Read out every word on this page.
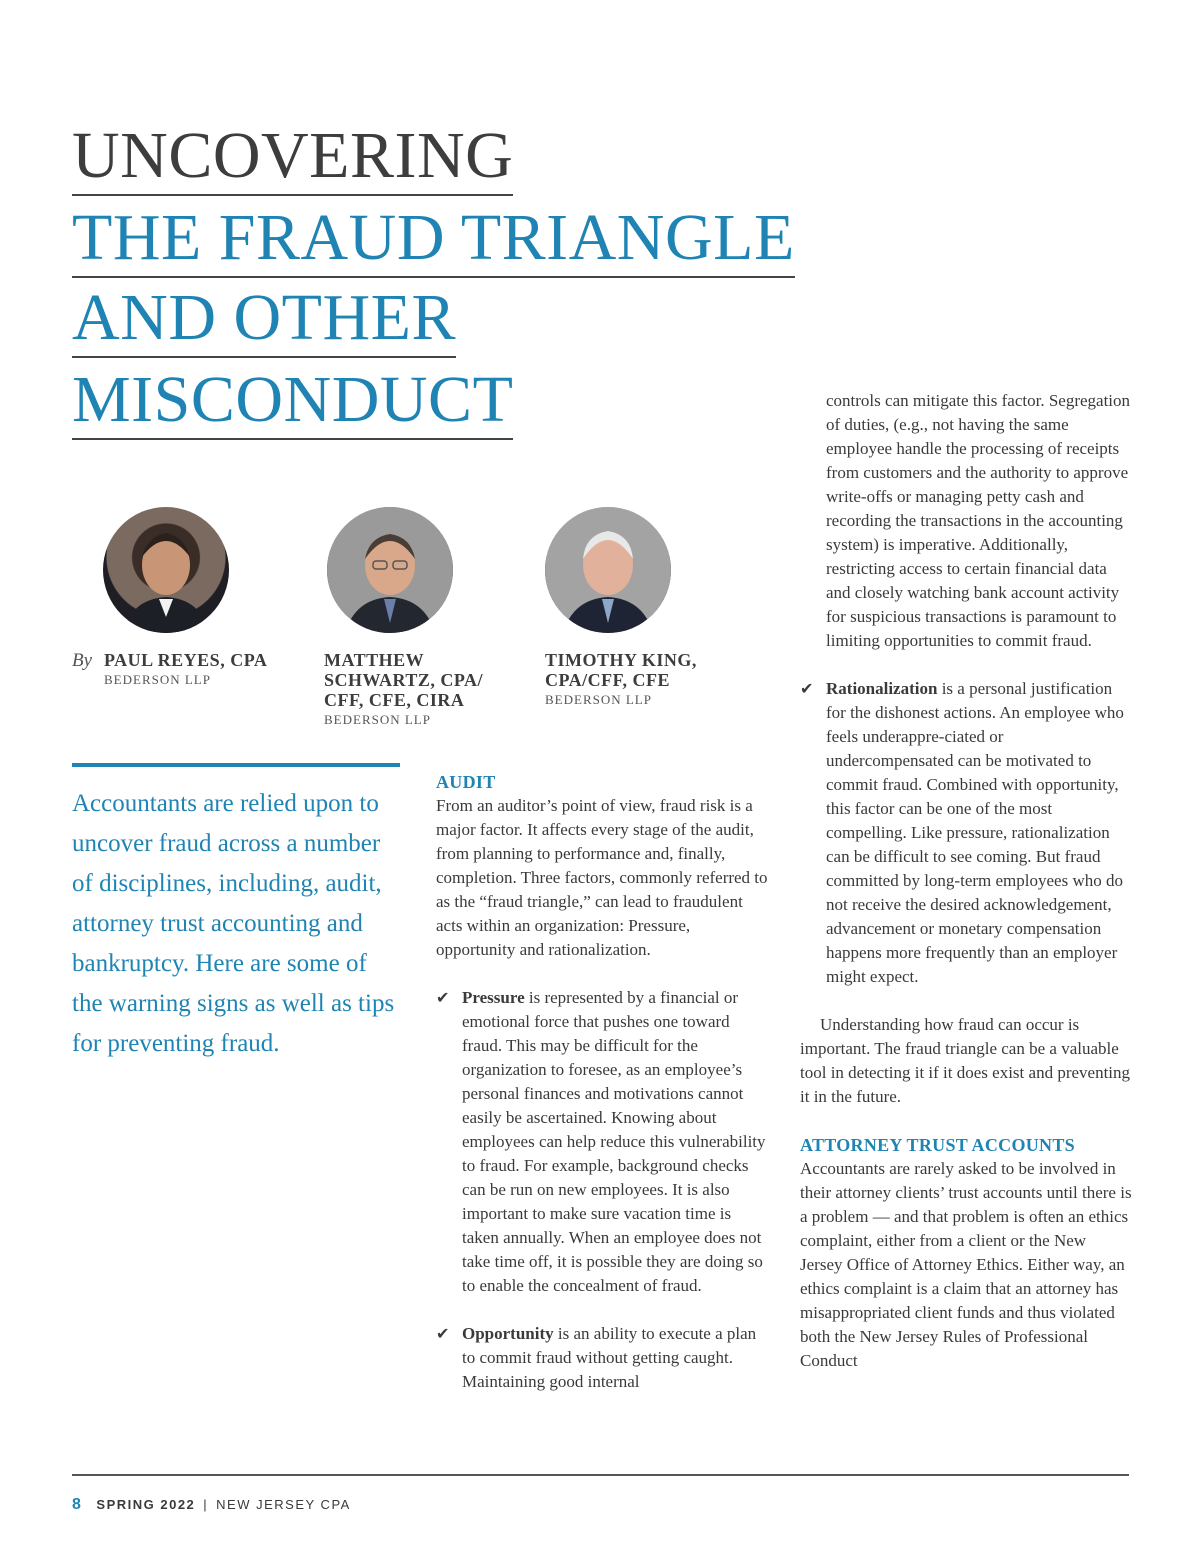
UNCOVERING
THE FRAUD TRIANGLE
AND OTHER
MISCONDUCT
By PAUL REYES, CPA
BEDERSON LLP
MATTHEW SCHWARTZ, CPA/ CFF, CFE, CIRA
BEDERSON LLP
TIMOTHY KING, CPA/CFF, CFE
BEDERSON LLP
Accountants are relied upon to uncover fraud across a number of disciplines, including, audit, attorney trust accounting and bankruptcy. Here are some of the warning signs as well as tips for preventing fraud.

AUDIT

From an auditor’s point of view, fraud risk is a major factor. It affects every stage of the audit, from planning to performance and, finally, completion. Three factors, commonly referred to as the “fraud triangle,” can lead to fraudulent acts within an organization: Pressure, opportunity and rationalization.

✔ Pressure is represented by a financial or emotional force that pushes one toward fraud. This may be difficult for the organization to foresee, as an employee’s personal finances and motivations cannot easily be ascertained. Knowing about employees can help reduce this vulnerability to fraud. For example, background checks can be run on new employees. It is also important to make sure vacation time is taken annually. When an employee does not take time off, it is possible they are doing so to enable the concealment of fraud.

✔ Opportunity is an ability to execute a plan to commit fraud without getting caught. Maintaining good internal

controls can mitigate this factor. Segregation of duties, (e.g., not having the same employee handle the processing of receipts from customers and the authority to approve write-offs or managing petty cash and recording the transactions in the accounting system) is imperative. Additionally, restricting access to certain financial data and closely watching bank account activity for suspicious transactions is paramount to limiting opportunities to commit fraud.

✔ Rationalization is a personal justification for the dishonest actions. An employee who feels underappre-ciated or undercompensated can be motivated to commit fraud. Combined with opportunity, this factor can be one of the most compelling. Like pressure, rationalization can be difficult to see coming. But fraud committed by long-term employees who do not receive the desired acknowledgement, advancement or monetary compensation happens more frequently than an employer might expect.

Understanding how fraud can occur is important. The fraud triangle can be a valuable tool in detecting it if it does exist and preventing it in the future.

ATTORNEY TRUST ACCOUNTS

Accountants are rarely asked to be involved in their attorney clients’ trust accounts until there is a problem — and that problem is often an ethics complaint, either from a client or the New Jersey Office of Attorney Ethics. Either way, an ethics complaint is a claim that an attorney has misappropriated client funds and thus violated both the New Jersey Rules of Professional Conduct

8 SPRING 2022 | NEW JERSEY CPA
